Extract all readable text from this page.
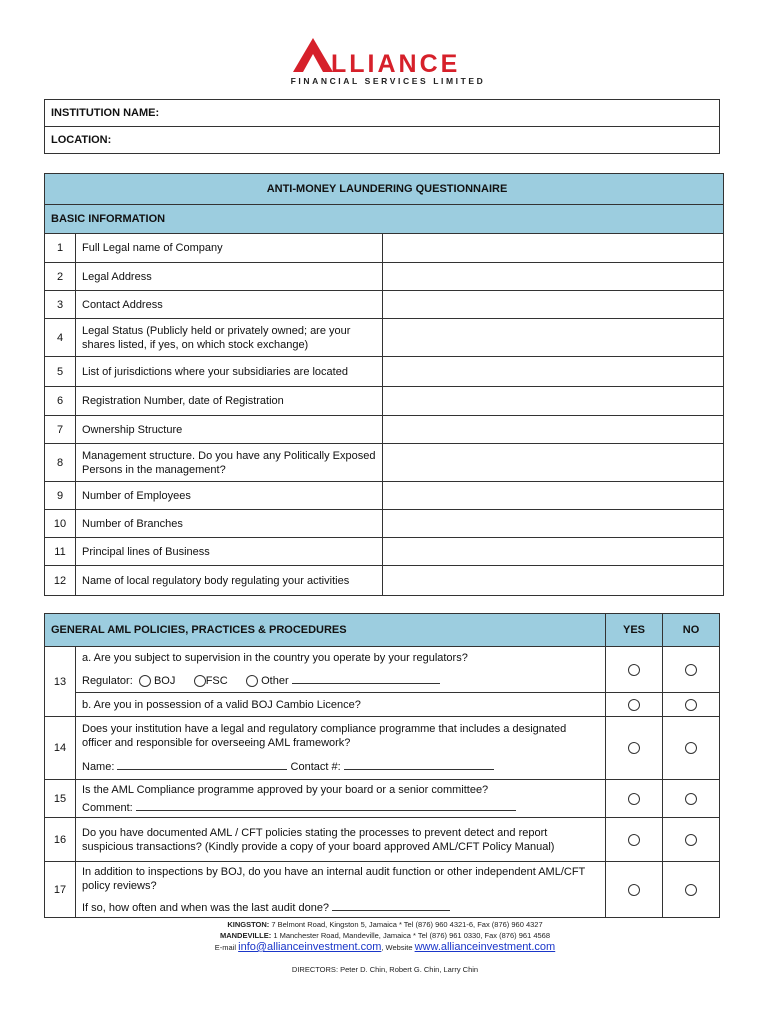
LLIANCE
FINANCIAL SERVICES LIMITED
INSTITUTION NAME:
LOCATION:
ANTI-MONEY LAUNDERING QUESTIONNAIRE		
BASIC INFORMATION		
1	Full Legal name of Company	
2	Legal Address	
3	Contact Address	
4	Legal Status (Publicly held or privately owned; are your shares listed, if yes, on which stock exchange)	
5	List of jurisdictions where your subsidiaries are located	
6	Registration Number, date of Registration	
7	Ownership Structure	
8	Management structure. Do you have any Politically Exposed Persons in the management?	
9	Number of Employees	
10	Number of Branches	
11	Principal lines of Business	
12	Name of local regulatory body regulating your activities	
GENERAL AML POLICIES, PRACTICES & PROCEDURES		YES	NO
13	a. Are you subject to supervision in the country you operate by your regulators?
Regulator: BOJ FSC Other		

	b. Are you in possession of a valid BOJ Cambio Licence?		
14	Does your institution have a legal and regulatory compliance programme that includes a designated officer and responsible for overseeing AML framework?
Name: Contact #:		

15	Is the AML Compliance programme approved by your board or a senior committee?
Comment:		

16	Do you have documented AML / CFT policies stating the processes to prevent detect and report suspicious transactions? (Kindly provide a copy of your board approved AML/CFT Policy Manual)		
17	In addition to inspections by BOJ, do you have an internal audit function or other independent AML/CFT policy reviews?
If so, how often and when was the last audit done?		

KINGSTON: 7 Belmont Road, Kingston 5, Jamaica * Tel (876) 960 4321-6, Fax (876) 960 4327
MANDEVILLE: 1 Manchester Road, Mandeville, Jamaica * Tel (876) 961 0330, Fax (876) 961 4568
E-mail info@allianceinvestment.com, Website www.allianceinvestment.com
DIRECTORS: Peter D. Chin, Robert G. Chin, Larry Chin
